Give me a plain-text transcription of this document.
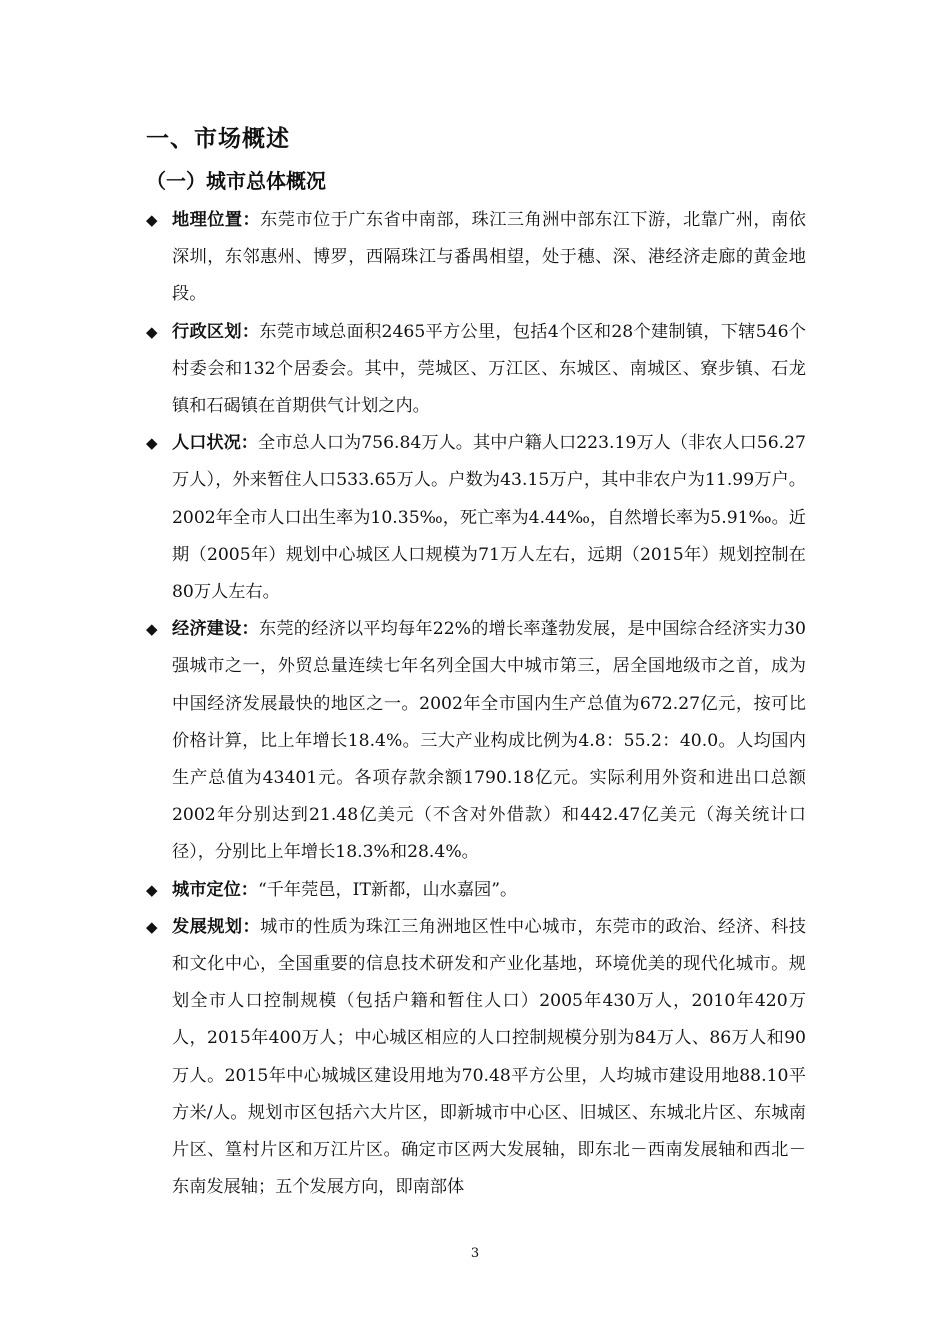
一、市场概述
（一）城市总体概况
◆ 地理位置：东莞市位于广东省中南部，珠江三角洲中部东江下游，北靠广州，南依深圳，东邻惠州、博罗，西隔珠江与番禺相望，处于穗、深、港经济走廊的黄金地段。
◆ 行政区划：东莞市域总面积2465平方公里，包括4个区和28个建制镇，下辖546个村委会和132个居委会。其中，莞城区、万江区、东城区、南城区、寮步镇、石龙镇和石碣镇在首期供气计划之内。
◆ 人口状况：全市总人口为756.84万人。其中户籍人口223.19万人（非农人口56.27万人），外来暂住人口533.65万人。户数为43.15万户，其中非农户为11.99万户。2002年全市人口出生率为10.35‰，死亡率为4.44‰，自然增长率为5.91‰。近期（2005年）规划中心城区人口规模为71万人左右，远期（2015年）规划控制在80万人左右。
◆ 经济建设：东莞的经济以平均每年22%的增长率蓬勃发展，是中国综合经济实力30强城市之一，外贸总量连续七年名列全国大中城市第三，居全国地级市之首，成为中国经济发展最快的地区之一。2002年全市国内生产总值为672.27亿元，按可比价格计算，比上年增长18.4%。三大产业构成比例为4.8：55.2：40.0。人均国内生产总值为43401元。各项存款余额1790.18亿元。实际利用外资和进出口总额2002年分别达到21.48亿美元（不含对外借款）和442.47亿美元（海关统计口径），分别比上年增长18.3%和28.4%。
◆ 城市定位：“千年莞邑，IT新都，山水嘉园”。
◆ 发展规划：城市的性质为珠江三角洲地区性中心城市，东莞市的政治、经济、科技和文化中心，全国重要的信息技术研发和产业化基地，环境优美的现代化城市。规划全市人口控制规模（包括户籍和暂住人口）2005年430万人，2010年420万人，2015年400万人；中心城区相应的人口控制规模分别为84万人、86万人和90万人。2015年中心城城区建设用地为70.48平方公里，人均城市建设用地88.10平方米/人。规划市区包括六大片区，即新城市中心区、旧城区、东城北片区、东城南片区、篁村片区和万江片区。确定市区两大发展轴，即东北－西南发展轴和西北－东南发展轴；五个发展方向，即南部体
3
